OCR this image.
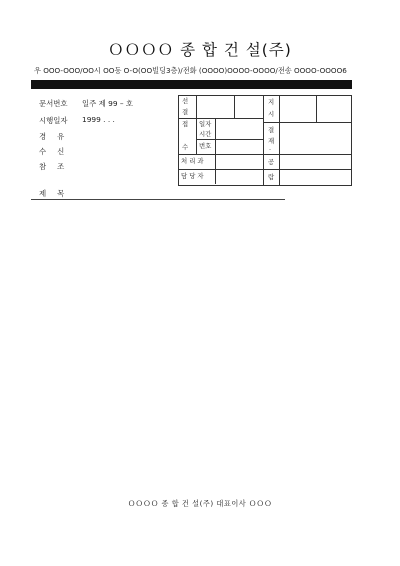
ＯＯＯＯ 종 합 건 설(주)
우 OOO-OOO/OO시 OO동 O-O(OO빌딩3층)/전화 (OOOO)OOOO-OOOO/전송 OOOO-OOOO6
문서번호 일주 제 99 – 호
시행일자 1999 . . .
경유
수신
참조
제목
선
결
접 일자
시간
수 번호
처 리 과
담 당 자
지
시
결
재
·
공
람
ＯＯＯＯ 종 합 건 설(주) 대표이사 ＯＯＯ
